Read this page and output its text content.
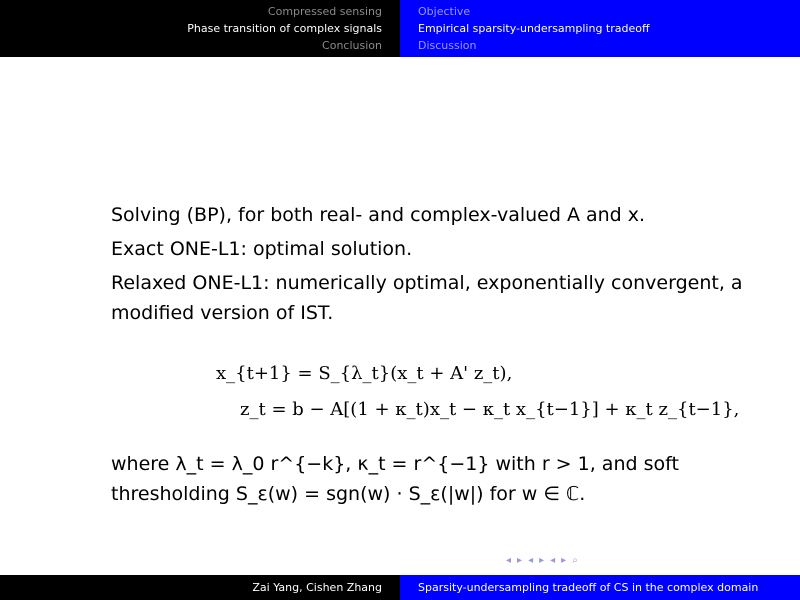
Compressed sensing
Phase transition of complex signals
Conclusion
Objective
Empirical sparsity-undersampling tradeoff
Discussion

Solving (BP), for both real- and complex-valued A and x.

Exact ONE-L1: optimal solution.

Relaxed ONE-L1: numerically optimal, exponentially convergent, a modified version of IST.

x_{t+1} = S_{λ_t}(x_t + A' z_t),
z_t = b − A[(1 + κ_t)x_t − κ_t x_{t−1}] + κ_t z_{t−1},
where λ_t = λ_0 r^{−k}, κ_t = r^{−1} with r > 1, and soft thresholding S_ε(w) = sgn(w) · S_ε(|w|) for w ∈ ℂ.
◂ ▸ ◂ ▸ ◂ ▸ ⌕
Zai Yang, Cishen Zhang	Sparsity-undersampling tradeoff of CS in the complex domain
